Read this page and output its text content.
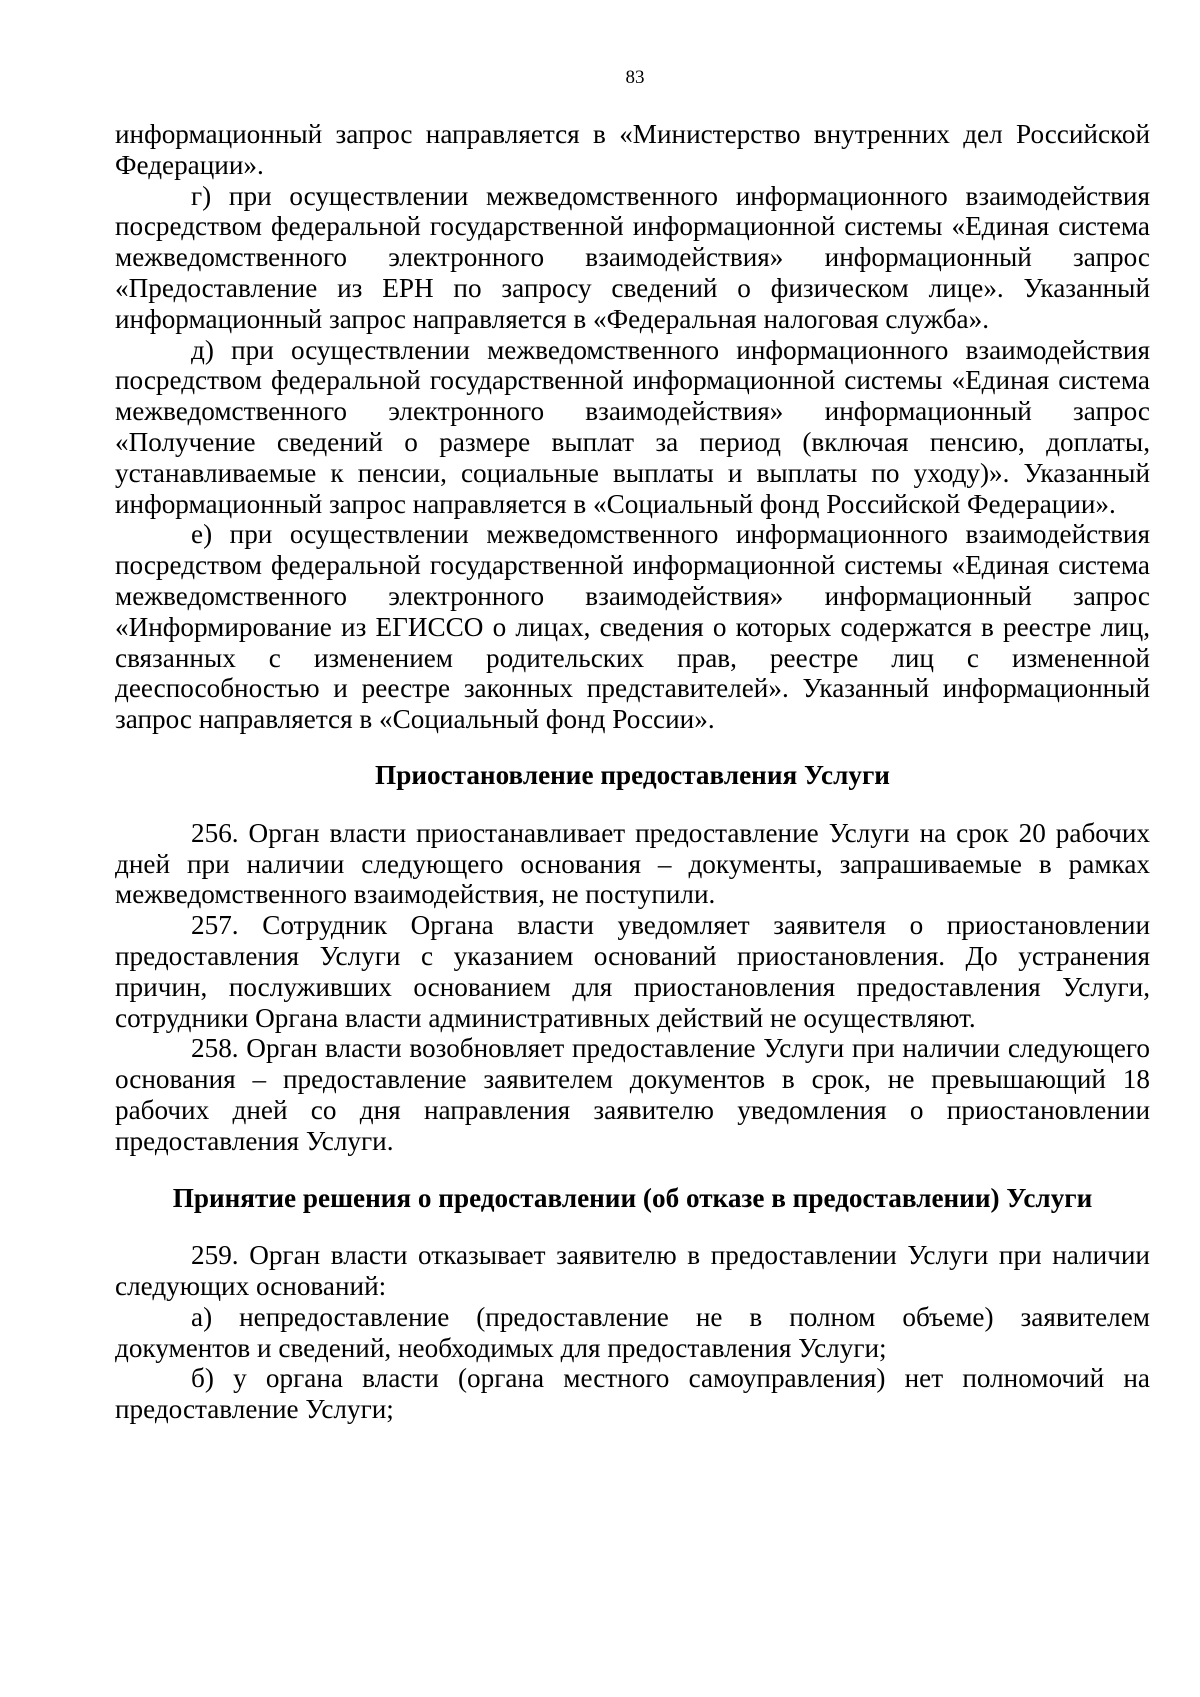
83

информационный запрос направляется в «Министерство внутренних дел Российской Федерации».

г) при осуществлении межведомственного информационного взаимодействия посредством федеральной государственной информационной системы «Единая система межведомственного электронного взаимодействия» информационный запрос «Предоставление из ЕРН по запросу сведений о физическом лице». Указанный информационный запрос направляется в «Федеральная налоговая служба».

д) при осуществлении межведомственного информационного взаимодействия посредством федеральной государственной информационной системы «Единая система межведомственного электронного взаимодействия» информационный запрос «Получение сведений о размере выплат за период (включая пенсию, доплаты, устанавливаемые к пенсии, социальные выплаты и выплаты по уходу)». Указанный информационный запрос направляется в «Социальный фонд Российской Федерации».

е) при осуществлении межведомственного информационного взаимодействия посредством федеральной государственной информационной системы «Единая система межведомственного электронного взаимодействия» информационный запрос «Информирование из ЕГИССО о лицах, сведения о которых содержатся в реестре лиц, связанных с изменением родительских прав, реестре лиц с измененной дееспособностью и реестре законных представителей». Указанный информационный запрос направляется в «Социальный фонд России».

Приостановление предоставления Услуги

256. Орган власти приостанавливает предоставление Услуги на срок 20 рабочих дней при наличии следующего основания – документы, запрашиваемые в рамках межведомственного взаимодействия, не поступили.

257. Сотрудник Органа власти уведомляет заявителя о приостановлении предоставления Услуги с указанием оснований приостановления. До устранения причин, послуживших основанием для приостановления предоставления Услуги, сотрудники Органа власти административных действий не осуществляют.

258. Орган власти возобновляет предоставление Услуги при наличии следующего основания – предоставление заявителем документов в срок, не превышающий 18 рабочих дней со дня направления заявителю уведомления о приостановлении предоставления Услуги.

Принятие решения о предоставлении (об отказе в предоставлении) Услуги

259. Орган власти отказывает заявителю в предоставлении Услуги при наличии следующих оснований:

а) непредоставление (предоставление не в полном объеме) заявителем документов и сведений, необходимых для предоставления Услуги;

б) у органа власти (органа местного самоуправления) нет полномочий на предоставление Услуги;
